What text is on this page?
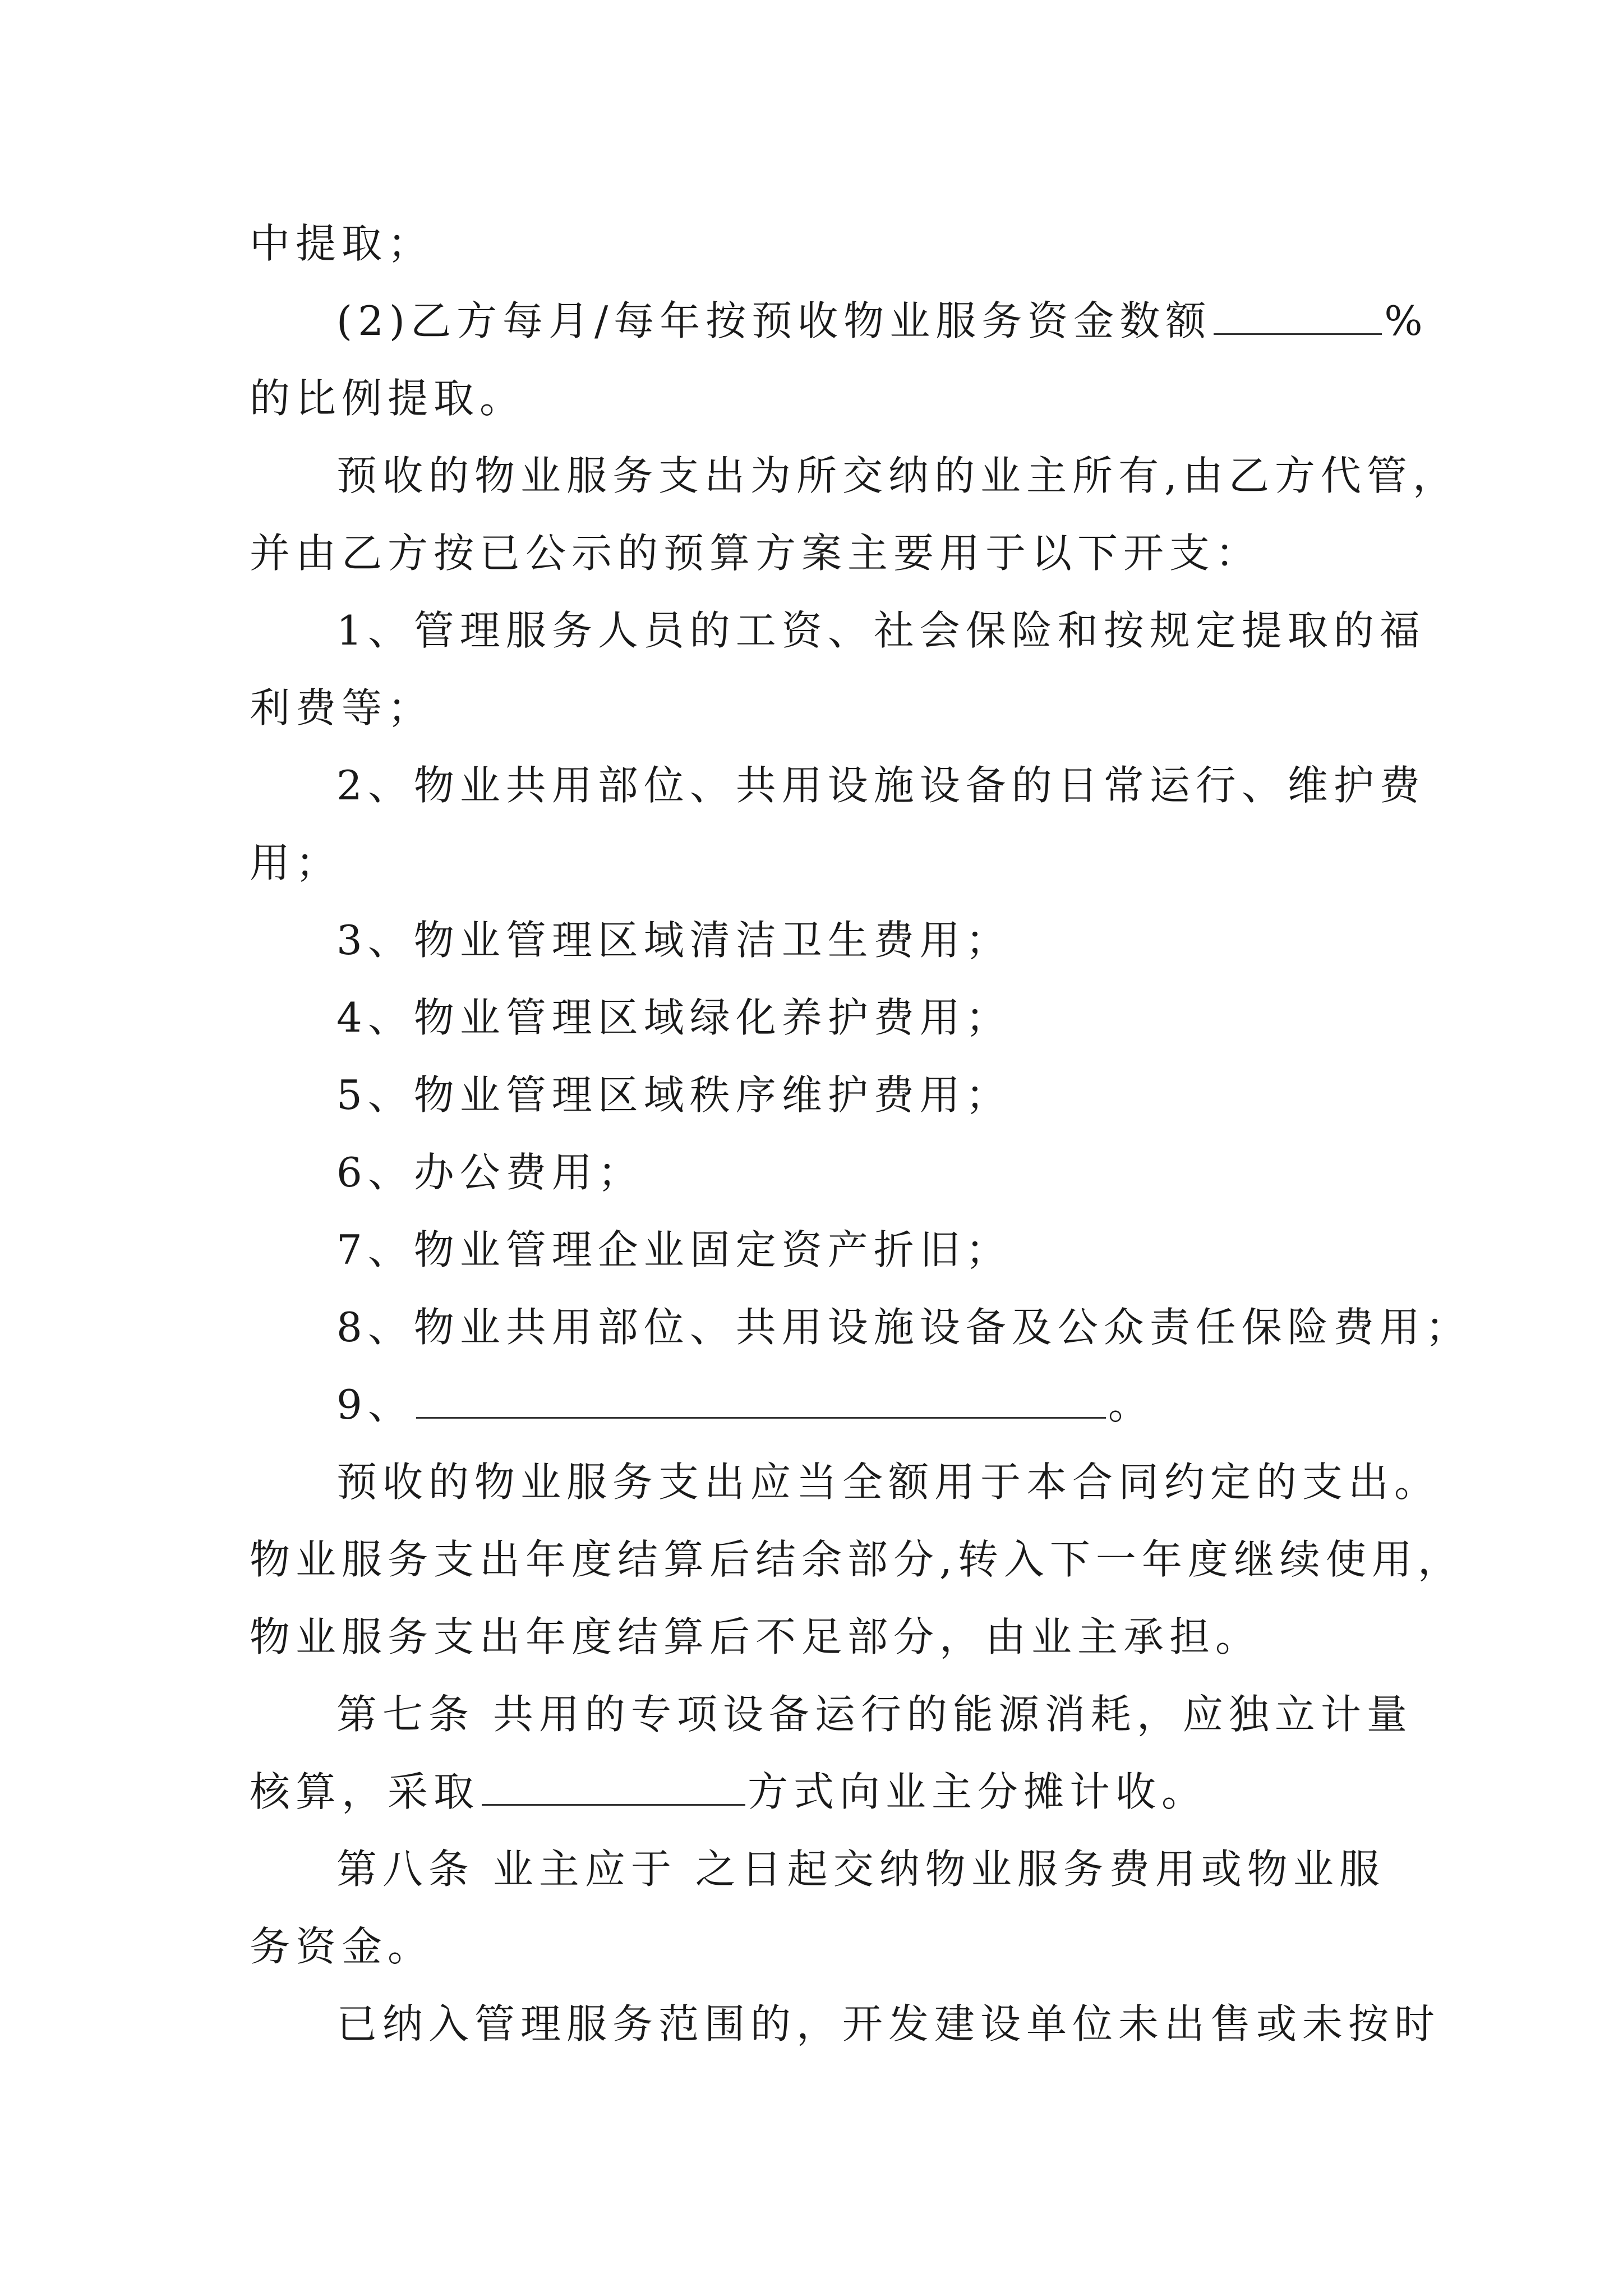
中提取；
(2)乙方每月/每年按预收物业服务资金数额	%
的比例提取。
预收的物业服务支出为所交纳的业主所有,由乙方代管，
并由乙方按已公示的预算方案主要用于以下开支：
1、管理服务人员的工资、社会保险和按规定提取的福
利费等；
2、物业共用部位、共用设施设备的日常运行、维护费
用；
3、物业管理区域清洁卫生费用；
4、物业管理区域绿化养护费用；
5、物业管理区域秩序维护费用；
6、办公费用；
7、物业管理企业固定资产折旧；
8、物业共用部位、共用设施设备及公众责任保险费用；
9、	。
预收的物业服务支出应当全额用于本合同约定的支出。
物业服务支出年度结算后结余部分,转入下一年度继续使用，
物业服务支出年度结算后不足部分，由业主承担。
第七条 共用的专项设备运行的能源消耗，应独立计量
核算，采取	方式向业主分摊计收。
第八条 业主应于 之日起交纳物业服务费用或物业服
务资金。
已纳入管理服务范围的，开发建设单位未出售或未按时
